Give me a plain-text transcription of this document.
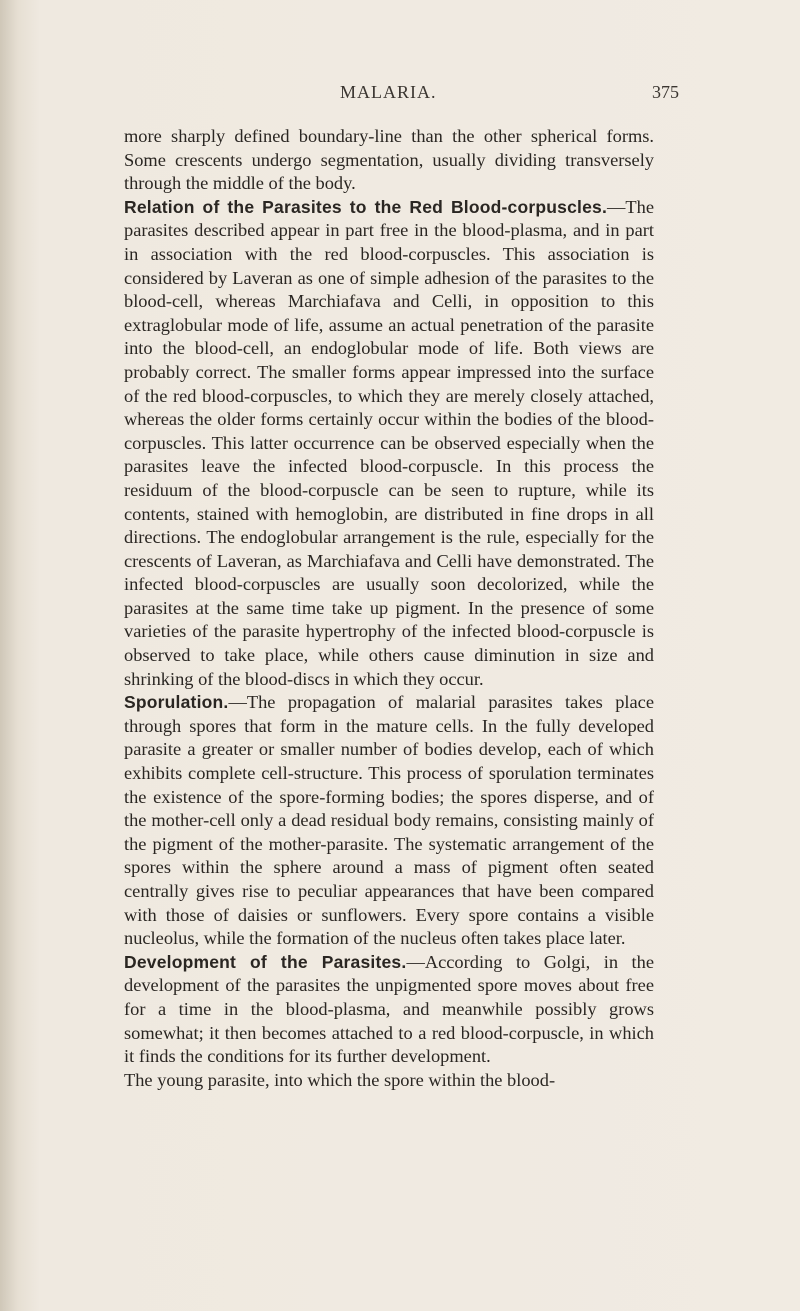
MALARIA.	375

more sharply defined boundary-line than the other spherical forms. Some crescents undergo segmentation, usually dividing transversely through the middle of the body.

Relation of the Parasites to the Red Blood-corpuscles.—The parasites described appear in part free in the blood-plasma, and in part in association with the red blood-corpuscles. This association is considered by Laveran as one of simple adhesion of the parasites to the blood-cell, whereas Marchiafava and Celli, in opposition to this extraglobular mode of life, assume an actual penetration of the parasite into the blood-cell, an endoglobular mode of life. Both views are probably correct. The smaller forms appear impressed into the surface of the red blood-corpuscles, to which they are merely closely attached, whereas the older forms certainly occur within the bodies of the blood-corpuscles. This latter occurrence can be observed especially when the parasites leave the infected blood-corpuscle. In this process the residuum of the blood-corpuscle can be seen to rupture, while its contents, stained with hemoglobin, are distributed in fine drops in all directions. The endoglobular arrangement is the rule, especially for the crescents of Laveran, as Marchiafava and Celli have demonstrated. The infected blood-corpuscles are usually soon decolorized, while the parasites at the same time take up pigment. In the presence of some varieties of the parasite hypertrophy of the infected blood-corpuscle is observed to take place, while others cause diminution in size and shrinking of the blood-discs in which they occur.

Sporulation.—The propagation of malarial parasites takes place through spores that form in the mature cells. In the fully developed parasite a greater or smaller number of bodies develop, each of which exhibits complete cell-structure. This process of sporulation terminates the existence of the spore-forming bodies; the spores disperse, and of the mother-cell only a dead residual body remains, consisting mainly of the pigment of the mother-parasite. The systematic arrangement of the spores within the sphere around a mass of pigment often seated centrally gives rise to peculiar appearances that have been compared with those of daisies or sunflowers. Every spore contains a visible nucleolus, while the formation of the nucleus often takes place later.

Development of the Parasites.—According to Golgi, in the development of the parasites the unpigmented spore moves about free for a time in the blood-plasma, and meanwhile possibly grows somewhat; it then becomes attached to a red blood-corpuscle, in which it finds the conditions for its further development.

The young parasite, into which the spore within the blood-
